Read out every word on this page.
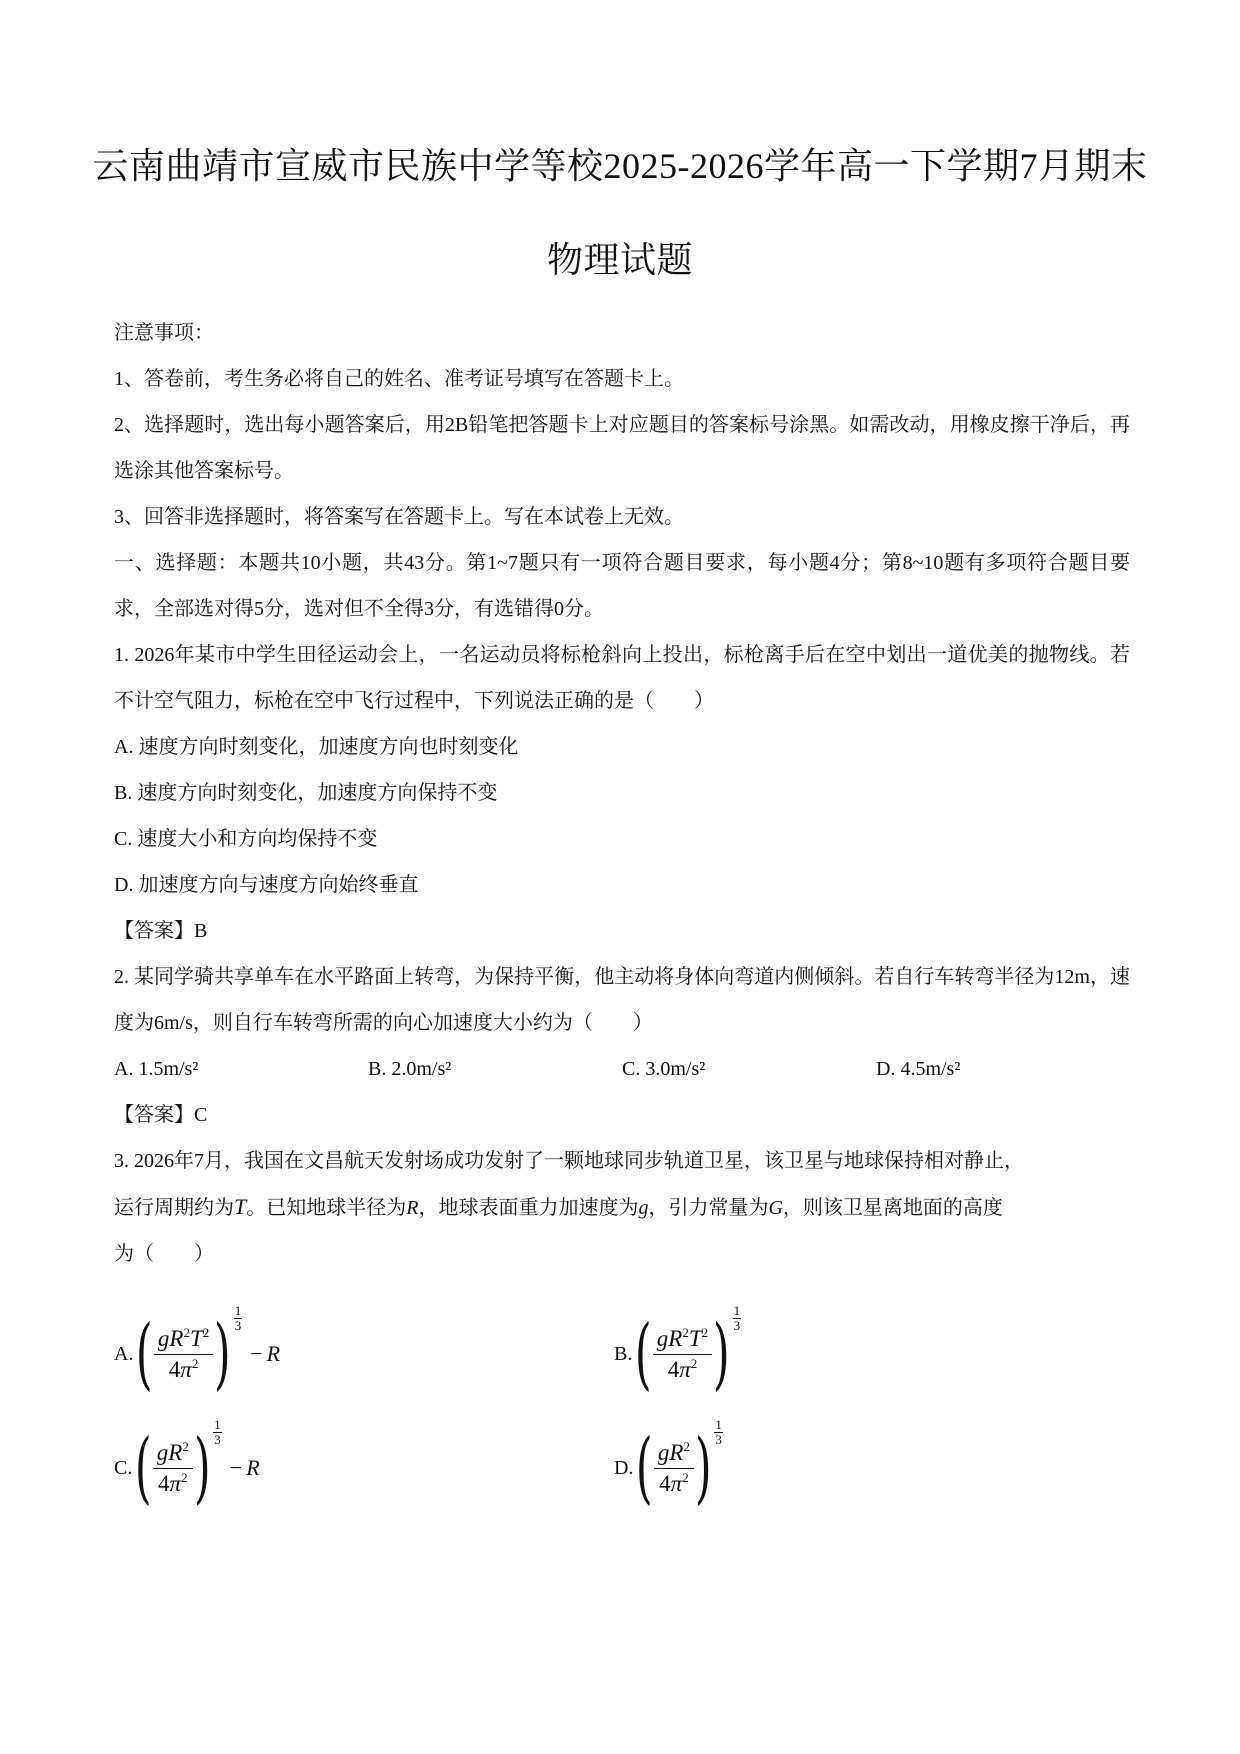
云南曲靖市宣威市民族中学等校2025-2026学年高一下学期7月期末
物理试题

注意事项：

1、答卷前，考生务必将自己的姓名、准考证号填写在答题卡上。

2、选择题时，选出每小题答案后，用2B铅笔把答题卡上对应题目的答案标号涂黑。如需改动，用橡皮擦干净后，再选涂其他答案标号。

3、回答非选择题时，将答案写在答题卡上。写在本试卷上无效。

一、选择题：本题共10小题，共43分。第1~7题只有一项符合题目要求，每小题4分；第8~10题有多项符合题目要求，全部选对得5分，选对但不全得3分，有选错得0分。

1. 2026年某市中学生田径运动会上，一名运动员将标枪斜向上投出，标枪离手后在空中划出一道优美的抛物线。若不计空气阻力，标枪在空中飞行过程中，下列说法正确的是（　　）

A. 速度方向时刻变化，加速度方向也时刻变化

B. 速度方向时刻变化，加速度方向保持不变

C. 速度大小和方向均保持不变

D. 加速度方向与速度方向始终垂直

【答案】B

2. 某同学骑共享单车在水平路面上转弯，为保持平衡，他主动将身体向弯道内侧倾斜。若自行车转弯半径为12m，速度为6m/s，则自行车转弯所需的向心加速度大小约为（　　）

A. 1.5m/s²	B. 2.0m/s²	C. 3.0m/s²	D. 4.5m/s²

【答案】C

3. 2026年7月，我国在文昌航天发射场成功发射了一颗地球同步轨道卫星，该卫星与地球保持相对静止，

运行周期约为T。已知地球半径为R，地球表面重力加速度为g，引力常量为G，则该卫星离地面的高度

为（　　）

A. ( $\frac{gR^2T^2}{4\pi^2}$ ) 1
3
− R	B. ( $\frac{gR^2T^2}{4\pi^2}$ ) 1
3
C. ( $\frac{gR^2}{4\pi^2}$ ) 1
3
− R	D. ( $\frac{gR^2}{4\pi^2}$ ) 1
3
